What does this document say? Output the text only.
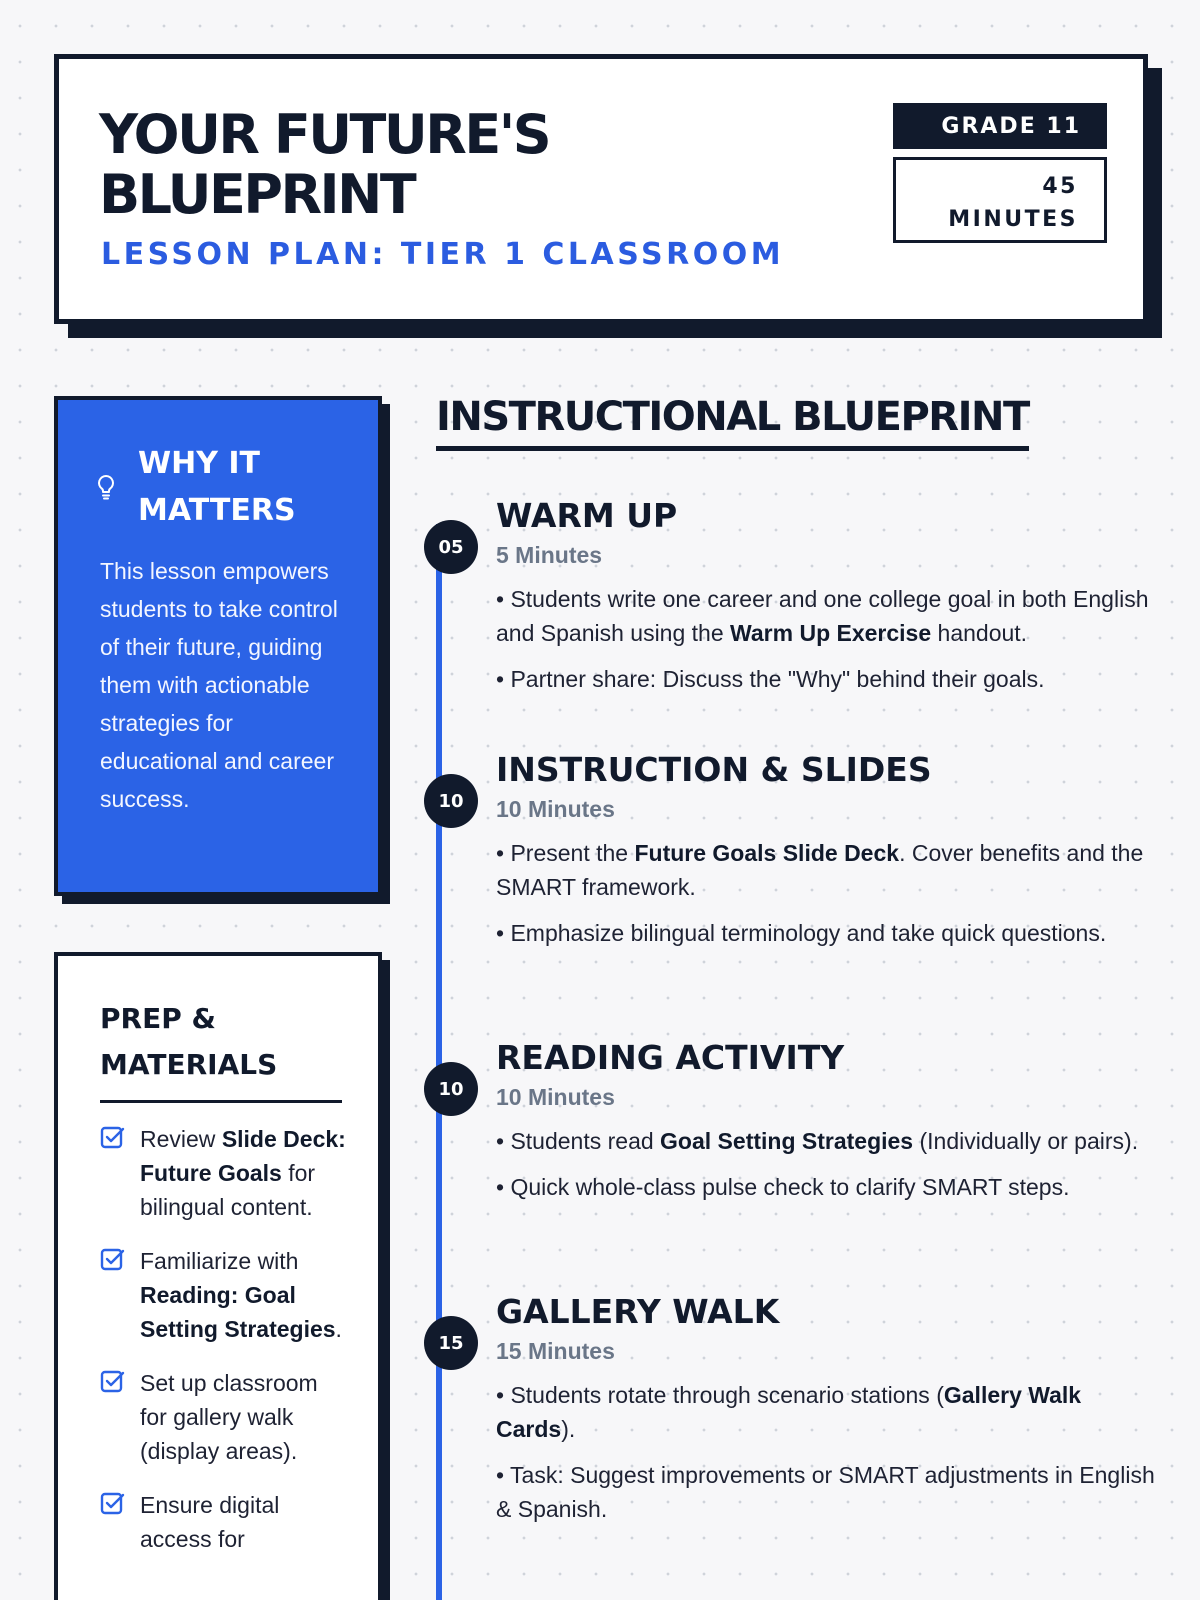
YOUR FUTURE'S BLUEPRINT
LESSON PLAN: TIER 1 CLASSROOM
GRADE 11
45
MINUTES
WHY IT MATTERS

This lesson empowers students to take control of their future, guiding them with actionable strategies for educational and career success.

PREP & MATERIALS

Review Slide Deck: Future Goals for bilingual content.

Familiarize with Reading: Goal Setting Strategies.

Set up classroom for gallery walk (display areas).

Ensure digital access for

INSTRUCTIONAL BLUEPRINT
05
WARM UP
5 Minutes

• Students write one career and one college goal in both English and Spanish using the Warm Up Exercise handout.

• Partner share: Discuss the "Why" behind their goals.

10
INSTRUCTION & SLIDES
10 Minutes

• Present the Future Goals Slide Deck. Cover benefits and the SMART framework.

• Emphasize bilingual terminology and take quick questions.

10
READING ACTIVITY
10 Minutes

• Students read Goal Setting Strategies (Individually or pairs).

• Quick whole-class pulse check to clarify SMART steps.

15
GALLERY WALK
15 Minutes

• Students rotate through scenario stations (Gallery Walk Cards).

• Task: Suggest improvements or SMART adjustments in English & Spanish.
